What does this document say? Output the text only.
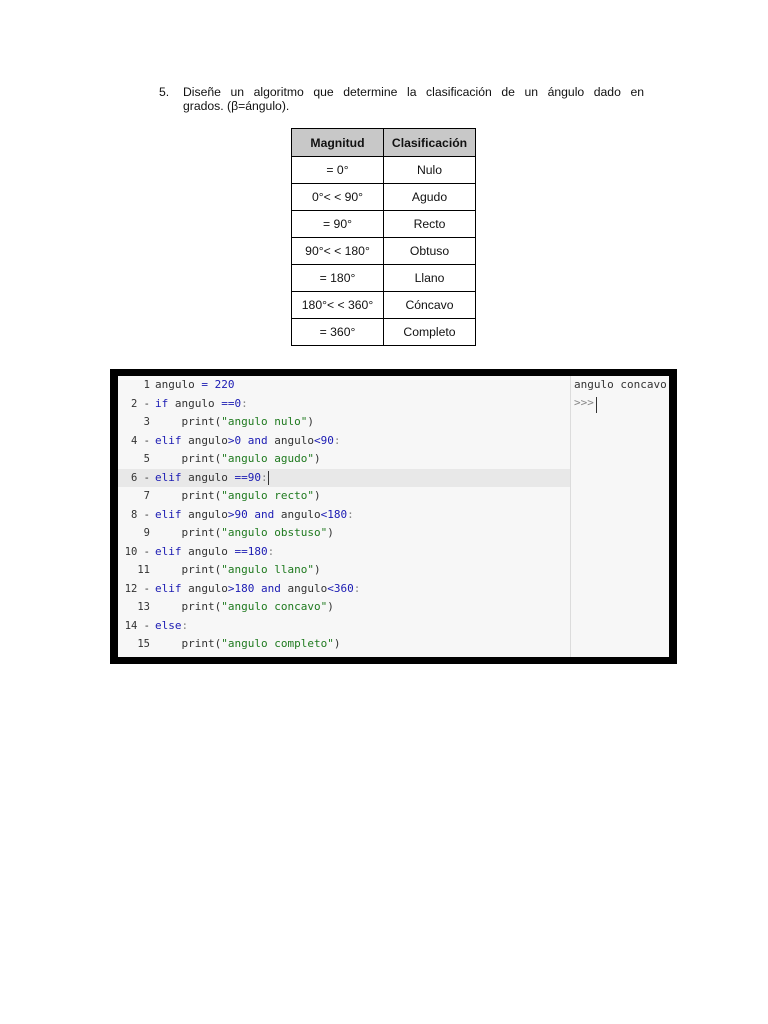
5. Diseñe un algoritmo que determine la clasificación de un ángulo dado en
grados. (β=ángulo).
Magnitud	Clasificación
= 0°	Nulo
0°< < 90°	Agudo
= 90°	Recto
90°< < 180°	Obtuso
= 180°	Llano
180°< < 360°	Cóncavo
= 360°	Completo
1 angulo = 220
2 - if angulo ==0:
3 print("angulo nulo")
4 - elif angulo>0 and angulo<90:
5 print("angulo agudo")
6 - elif angulo ==90:
7 print("angulo recto")
8 - elif angulo>90 and angulo<180:
9 print("angulo obstuso")
10 - elif angulo ==180:
11 print("angulo llano")
12 - elif angulo>180 and angulo<360:
13 print("angulo concavo")
14 - else:
15 print("angulo completo")
angulo concavo
>>>
